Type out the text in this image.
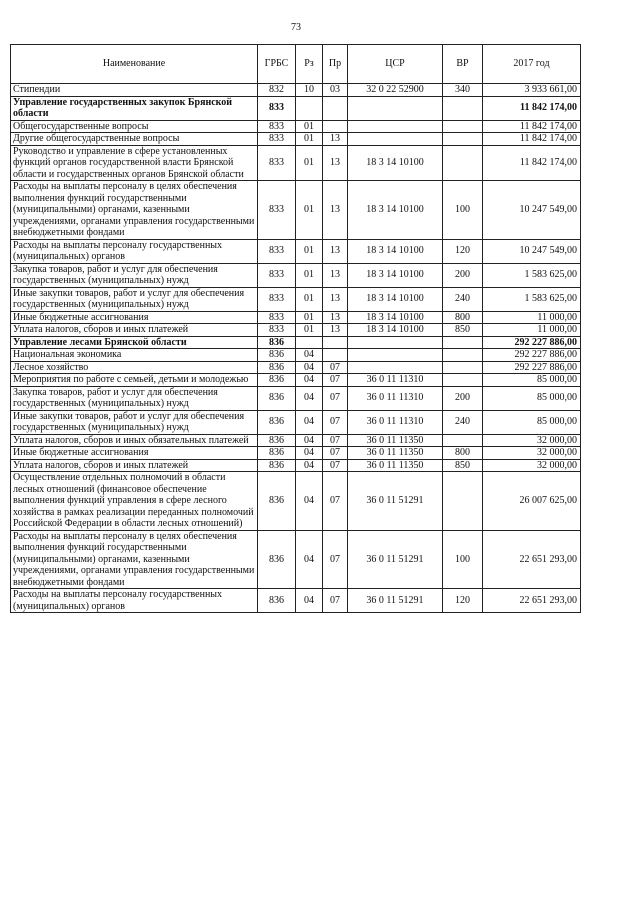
73
Наименование	ГРБС	Рз	Пр	ЦСР	ВР	2017 год
Стипендии	832	10	03	32 0 22 52900	340	3 933 661,00
Управление государственных закупок Брянской области	833					11 842 174,00
Общегосударственные вопросы	833	01				11 842 174,00
Другие общегосударственные вопросы	833	01	13			11 842 174,00
Руководство и управление в сфере установленных функций органов государственной власти Брянской области и государственных органов Брянской области	833	01	13	18 3 14 10100		11 842 174,00
Расходы на выплаты персоналу в целях обеспечения выполнения функций государственными (муниципальными) органами, казенными учреждениями, органами управления государственными внебюджетными фондами	833	01	13	18 3 14 10100	100	10 247 549,00
Расходы на выплаты персоналу государственных (муниципальных) органов	833	01	13	18 3 14 10100	120	10 247 549,00
Закупка товаров, работ и услуг для обеспечения государственных (муниципальных) нужд	833	01	13	18 3 14 10100	200	1 583 625,00
Иные закупки товаров, работ и услуг для обеспечения государственных (муниципальных) нужд	833	01	13	18 3 14 10100	240	1 583 625,00
Иные бюджетные ассигнования	833	01	13	18 3 14 10100	800	11 000,00
Уплата налогов, сборов и иных платежей	833	01	13	18 3 14 10100	850	11 000,00
Управление лесами Брянской области	836					292 227 886,00
Национальная экономика	836	04				292 227 886,00
Лесное хозяйство	836	04	07			292 227 886,00
Мероприятия по работе с семьей, детьми и молодежью	836	04	07	36 0 11 11310		85 000,00
Закупка товаров, работ и услуг для обеспечения государственных (муниципальных) нужд	836	04	07	36 0 11 11310	200	85 000,00
Иные закупки товаров, работ и услуг для обеспечения государственных (муниципальных) нужд	836	04	07	36 0 11 11310	240	85 000,00
Уплата налогов, сборов и иных обязательных платежей	836	04	07	36 0 11 11350		32 000,00
Иные бюджетные ассигнования	836	04	07	36 0 11 11350	800	32 000,00
Уплата налогов, сборов и иных платежей	836	04	07	36 0 11 11350	850	32 000,00
Осуществление отдельных полномочий в области лесных отношений (финансовое обеспечение выполнения функций управления в сфере лесного хозяйства в рамках реализации переданных полномочий Российской Федерации в области лесных отношений)	836	04	07	36 0 11 51291		26 007 625,00
Расходы на выплаты персоналу в целях обеспечения выполнения функций государственными (муниципальными) органами, казенными учреждениями, органами управления государственными внебюджетными фондами	836	04	07	36 0 11 51291	100	22 651 293,00
Расходы на выплаты персоналу государственных (муниципальных) органов	836	04	07	36 0 11 51291	120	22 651 293,00
